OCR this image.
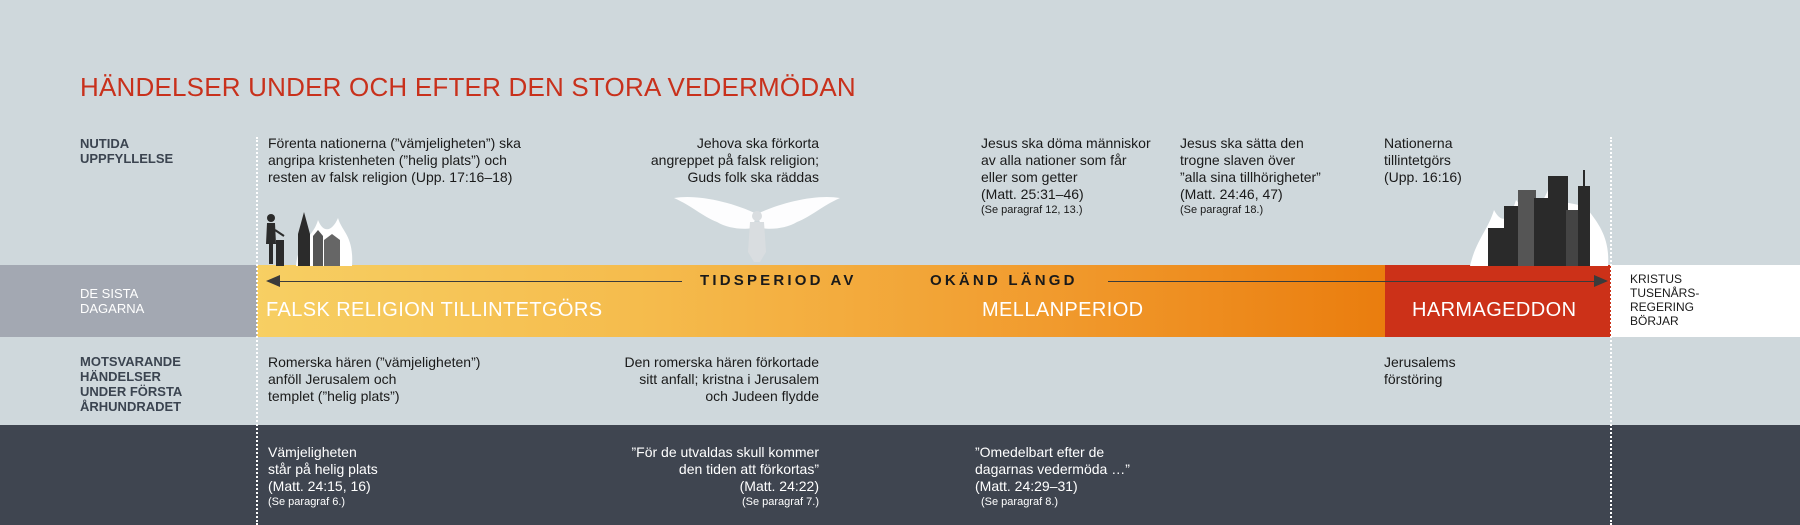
HÄNDELSER UNDER OCH EFTER DEN STORA VEDERMÖDAN
NUTIDA
UPPFYLLELSE
DE SISTA
DAGARNA
MOTSVARANDE
HÄNDELSER
UNDER FÖRSTA
ÅRHUNDRADET
Förenta nationerna (”vämjeligheten”) ska
angripa kristenheten (”helig plats”) och
resten av falsk religion (Upp. 17:16–18)
Jehova ska förkorta
angreppet på falsk religion;
Guds folk ska räddas
Jesus ska döma människor
av alla nationer som får
eller som getter
(Matt. 25:31–46)
(Se paragraf 12, 13.)
Jesus ska sätta den
trogne slaven över
”alla sina tillhörigheter”
(Matt. 24:46, 47)
(Se paragraf 18.)
Nationerna
tillintetgörs
(Upp. 16:16)
TIDSPERIOD AV	OKÄND LÄNGD
FALSK RELIGION TILLINTETGÖRS	MELLANPERIOD	HARMAGEDDON
KRISTUS
TUSENÅRS-
REGERING
BÖRJAR
Romerska hären (”vämjeligheten”)
anföll Jerusalem och
templet (”helig plats”)
Den romerska hären förkortade
sitt anfall; kristna i Jerusalem
och Judeen flydde
Jerusalems
förstöring
Vämjeligheten
står på helig plats
(Matt. 24:15, 16)
(Se paragraf 6.)
”För de utvaldas skull kommer
den tiden att förkortas”
(Matt. 24:22)
(Se paragraf 7.)
”Omedelbart efter de
dagarnas vedermöda …”
(Matt. 24:29–31)
(Se paragraf 8.)
